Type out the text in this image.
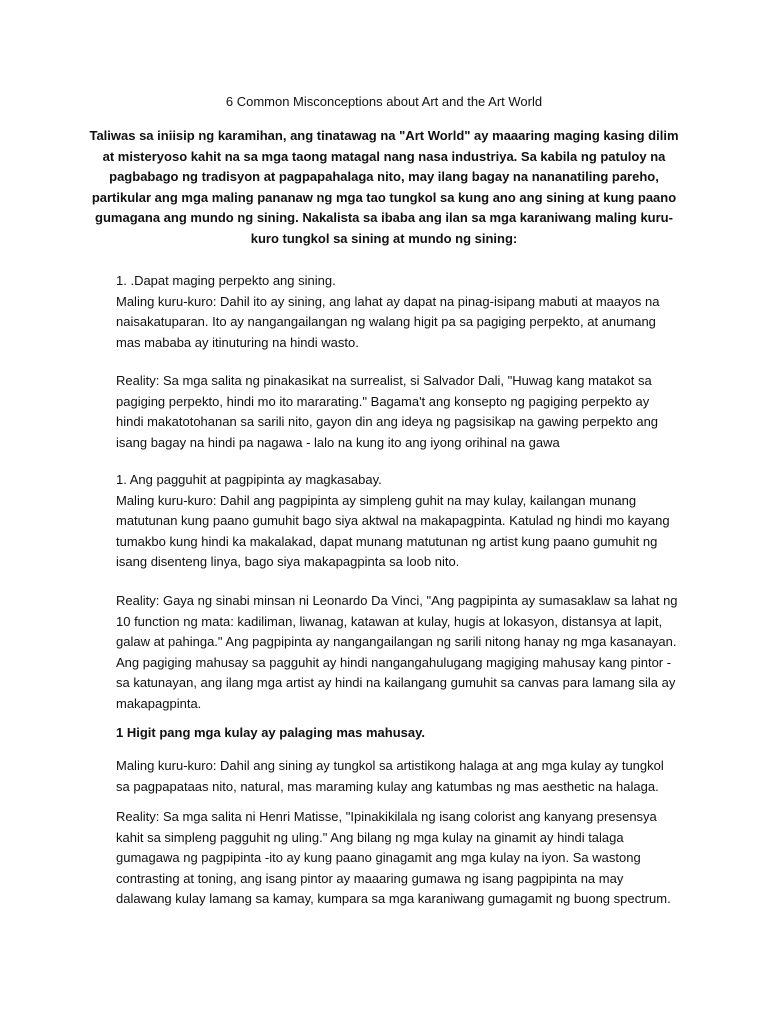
6 Common Misconceptions about Art and the Art World

Taliwas sa iniisip ng karamihan, ang tinatawag na "Art World" ay maaaring maging kasing dilim at misteryoso kahit na sa mga taong matagal nang nasa industriya. Sa kabila ng patuloy na pagbabago ng tradisyon at pagpapahalaga nito, may ilang bagay na nananatiling pareho, partikular ang mga maling pananaw ng mga tao tungkol sa kung ano ang sining at kung paano gumagana ang mundo ng sining. Nakalista sa ibaba ang ilan sa mga karaniwang maling kuru-kuro tungkol sa sining at mundo ng sining:

1. .Dapat maging perpekto ang sining.

Maling kuru-kuro: Dahil ito ay sining, ang lahat ay dapat na pinag-isipang mabuti at maayos na naisakatuparan. Ito ay nangangailangan ng walang higit pa sa pagiging perpekto, at anumang mas mababa ay itinuturing na hindi wasto.

Reality: Sa mga salita ng pinakasikat na surrealist, si Salvador Dali, "Huwag kang matakot sa pagiging perpekto, hindi mo ito mararating." Bagama't ang konsepto ng pagiging perpekto ay hindi makatotohanan sa sarili nito, gayon din ang ideya ng pagsisikap na gawing perpekto ang isang bagay na hindi pa nagawa - lalo na kung ito ang iyong orihinal na gawa

1. Ang pagguhit at pagpipinta ay magkasabay.

Maling kuru-kuro: Dahil ang pagpipinta ay simpleng guhit na may kulay, kailangan munang matutunan kung paano gumuhit bago siya aktwal na makapagpinta. Katulad ng hindi mo kayang tumakbo kung hindi ka makalakad, dapat munang matutunan ng artist kung paano gumuhit ng isang disenteng linya, bago siya makapagpinta sa loob nito.

Reality: Gaya ng sinabi minsan ni Leonardo Da Vinci, "Ang pagpipinta ay sumasaklaw sa lahat ng 10 function ng mata: kadiliman, liwanag, katawan at kulay, hugis at lokasyon, distansya at lapit, galaw at pahinga." Ang pagpipinta ay nangangailangan ng sarili nitong hanay ng mga kasanayan. Ang pagiging mahusay sa pagguhit ay hindi nangangahulugang magiging mahusay kang pintor - sa katunayan, ang ilang mga artist ay hindi na kailangang gumuhit sa canvas para lamang sila ay makapagpinta.

1 Higit pang mga kulay ay palaging mas mahusay.

Maling kuru-kuro: Dahil ang sining ay tungkol sa artistikong halaga at ang mga kulay ay tungkol sa pagpapataas nito, natural, mas maraming kulay ang katumbas ng mas aesthetic na halaga.

Reality: Sa mga salita ni Henri Matisse, "Ipinakikilala ng isang colorist ang kanyang presensya kahit sa simpleng pagguhit ng uling." Ang bilang ng mga kulay na ginamit ay hindi talaga gumagawa ng pagpipinta -ito ay kung paano ginagamit ang mga kulay na iyon. Sa wastong contrasting at toning, ang isang pintor ay maaaring gumawa ng isang pagpipinta na may dalawang kulay lamang sa kamay, kumpara sa mga karaniwang gumagamit ng buong spectrum.
